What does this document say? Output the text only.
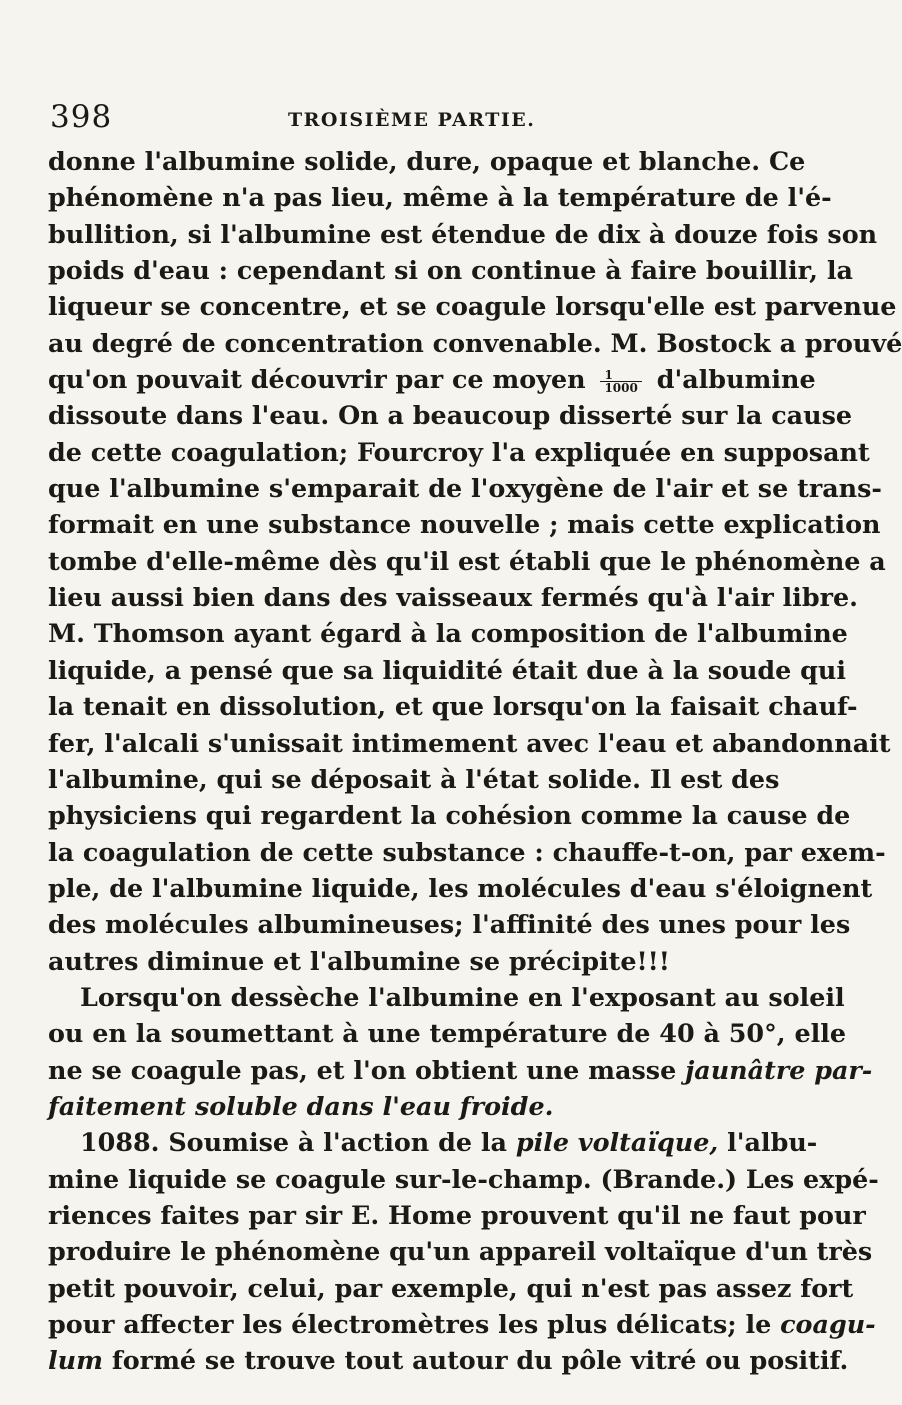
398	TROISIÈME PARTIE.
donne l'albumine solide, dure, opaque et blanche. Ce
phénomène n'a pas lieu, même à la température de l'é-
bullition, si l'albumine est étendue de dix à douze fois son
poids d'eau : cependant si on continue à faire bouillir, la
liqueur se concentre, et se coagule lorsqu'elle est parvenue
au degré de concentration convenable. M. Bostock a prouvé
qu'on pouvait découvrir par ce moyen $\frac{1}{1000}$ d'albumine
dissoute dans l'eau. On a beaucoup disserté sur la cause
de cette coagulation; Fourcroy l'a expliquée en supposant
que l'albumine s'emparait de l'oxygène de l'air et se trans-
formait en une substance nouvelle ; mais cette explication
tombe d'elle-même dès qu'il est établi que le phénomène a
lieu aussi bien dans des vaisseaux fermés qu'à l'air libre.
M. Thomson ayant égard à la composition de l'albumine
liquide, a pensé que sa liquidité était due à la soude qui
la tenait en dissolution, et que lorsqu'on la faisait chauf-
fer, l'alcali s'unissait intimement avec l'eau et abandonnait
l'albumine, qui se déposait à l'état solide. Il est des
physiciens qui regardent la cohésion comme la cause de
la coagulation de cette substance : chauffe-t-on, par exem-
ple, de l'albumine liquide, les molécules d'eau s'éloignent
des molécules albumineuses; l'affinité des unes pour les
autres diminue et l'albumine se précipite!!!
Lorsqu'on dessèche l'albumine en l'exposant au soleil
ou en la soumettant à une température de 40 à 50°, elle
ne se coagule pas, et l'on obtient une masse jaunâtre par-
faitement soluble dans l'eau froide.
1088. Soumise à l'action de la pile voltaïque, l'albu-
mine liquide se coagule sur-le-champ. (Brande.) Les expé-
riences faites par sir E. Home prouvent qu'il ne faut pour
produire le phénomène qu'un appareil voltaïque d'un très
petit pouvoir, celui, par exemple, qui n'est pas assez fort
pour affecter les électromètres les plus délicats; le coagu-
lum formé se trouve tout autour du pôle vitré ou positif.
